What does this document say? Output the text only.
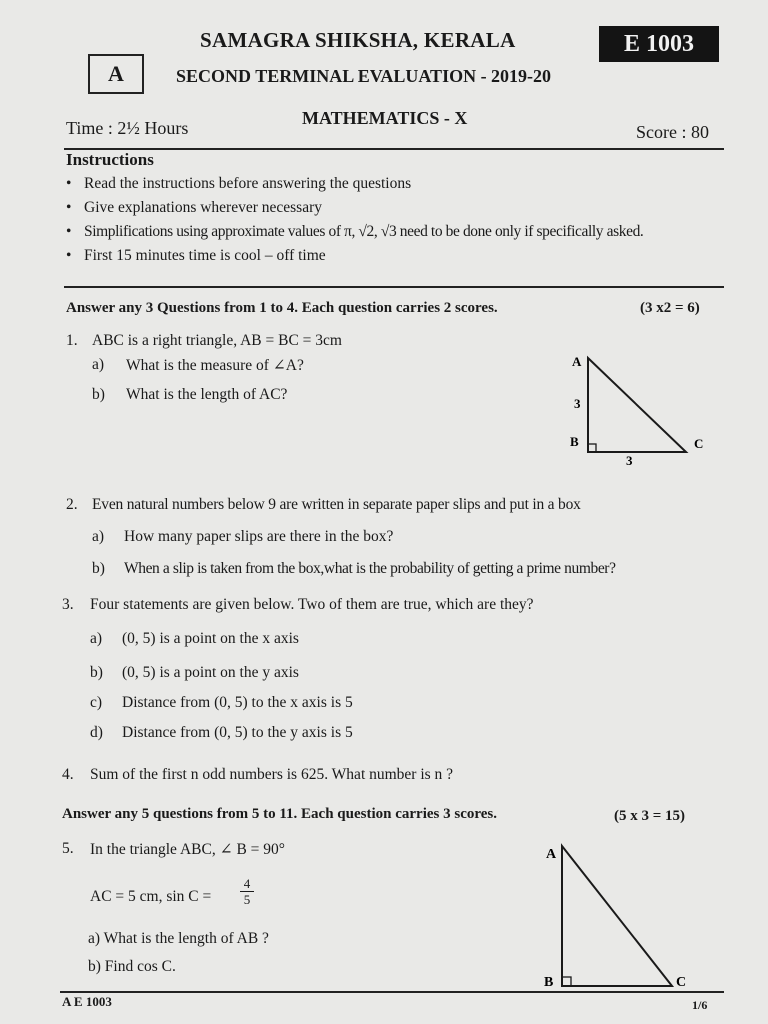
SAMAGRA SHIKSHA, KERALA	E 1003
A	SECOND TERMINAL EVALUATION - 2019-20
MATHEMATICS - X
Time : 2½ Hours	Score : 80
Instructions
• Read the instructions before answering the questions
• Give explanations wherever necessary
• Simplifications using approximate values of π, √2, √3 need to be done only if specifically asked.
• First 15 minutes time is cool – off time
Answer any 3 Questions from 1 to 4. Each question carries 2 scores.	(3 x2 = 6)
1. ABC is a right triangle, AB = BC = 3cm
a) What is the measure of ∠A?
b) What is the length of AC?
A
B	C
3
3
2. Even natural numbers below 9 are written in separate paper slips and put in a box
a) How many paper slips are there in the box?
b) When a slip is taken from the box,what is the probability of getting a prime number?
3. Four statements are given below. Two of them are true, which are they?
a) (0, 5) is a point on the x axis
b) (0, 5) is a point on the y axis
c) Distance from (0, 5) to the x axis is 5
d) Distance from (0, 5) to the y axis is 5
4. Sum of the first n odd numbers is 625. What number is n ?
Answer any 5 questions from 5 to 11. Each question carries 3 scores.	(5 x 3 = 15)
5. In the triangle ABC, ∠ B = 90°
AC = 5 cm, $\sin C = \frac{4}{5}$
a) What is the length of AB ?
b) Find cos C.
A
B	C
A E 1003	1/6
